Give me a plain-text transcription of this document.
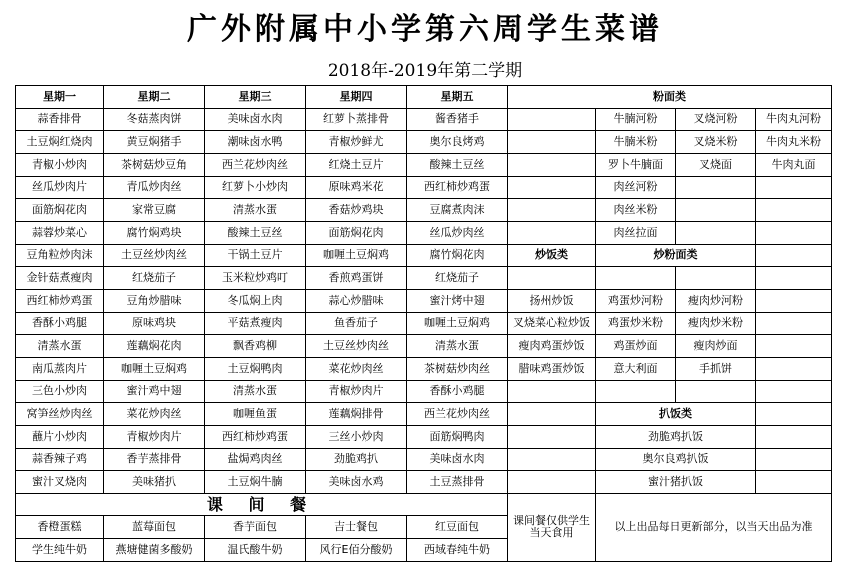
广外附属中小学第六周学生菜谱
2018年-2019年第二学期
星期一	星期二	星期三	星期四	星期五	粉面类			
蒜香排骨	冬菇蒸肉饼	美味卤水肉	红萝卜蒸排骨	酱香猪手		牛腩河粉	叉烧河粉	牛肉丸河粉
土豆焖红烧肉	黄豆焖猪手	潮味卤水鸭	青椒炒鲜尤	奥尔良烤鸡		牛腩米粉	叉烧米粉	牛肉丸米粉
青椒小炒肉	茶树菇炒豆角	西兰花炒肉丝	红烧土豆片	酸辣土豆丝		罗卜牛腩面	叉烧面	牛肉丸面
丝瓜炒肉片	青瓜炒肉丝	红萝卜小炒肉	原味鸡米花	西红柿炒鸡蛋		肉丝河粉		
面筋焖花肉	家常豆腐	清蒸水蛋	香菇炒鸡块	豆腐煮肉沫		肉丝米粉		
蒜蓉炒菜心	腐竹焖鸡块	酸辣土豆丝	面筋焖花肉	丝瓜炒肉丝		肉丝拉面		
豆角粒炒肉沫	土豆丝炒肉丝	干锅土豆片	咖喱土豆焖鸡	腐竹焖花肉	炒饭类	炒粉面类		
金针菇煮瘦肉	红烧茄子	玉米粒炒鸡叮	香煎鸡蛋饼	红烧茄子				
西红柿炒鸡蛋	豆角炒腊味	冬瓜焖上肉	蒜心炒腊味	蜜汁烤中翅	扬州炒饭	鸡蛋炒河粉	瘦肉炒河粉	
香酥小鸡腿	原味鸡块	平菇煮瘦肉	鱼香茄子	咖喱土豆焖鸡	叉烧菜心粒炒饭	鸡蛋炒米粉	瘦肉炒米粉	
清蒸水蛋	莲藕焖花肉	飘香鸡柳	土豆丝炒肉丝	清蒸水蛋	瘦肉鸡蛋炒饭	鸡蛋炒面	瘦肉炒面	
南瓜蒸肉片	咖喱土豆焖鸡	土豆焖鸭肉	菜花炒肉丝	茶树菇炒肉丝	腊味鸡蛋炒饭	意大利面	手抓饼	
三色小炒肉	蜜汁鸡中翅	清蒸水蛋	青椒炒肉片	香酥小鸡腿				
窝笋丝炒肉丝	菜花炒肉丝	咖喱鱼蛋	莲藕焖排骨	西兰花炒肉丝		扒饭类		
蘸片小炒肉	青椒炒肉片	西红柿炒鸡蛋	三丝小炒肉	面筋焖鸭肉		劲脆鸡扒饭		
蒜香辣子鸡	香芋蒸排骨	盐焗鸡肉丝	劲脆鸡扒	美味卤水肉		奥尔良鸡扒饭		
蜜汁叉烧肉	美味猪扒	土豆焖牛腩	美味卤水鸡	土豆蒸排骨		蜜汁猪扒饭		
课 间 餐					课间餐仅供学生当天食用	以上出品每日更新部分，以当天出品为准		
香橙蛋糕	蓝莓面包	香芋面包	吉士餐包	红豆面包				
学生纯牛奶	燕塘健菌多酸奶	温氏酸牛奶	风行E佰分酸奶	西域春纯牛奶				
